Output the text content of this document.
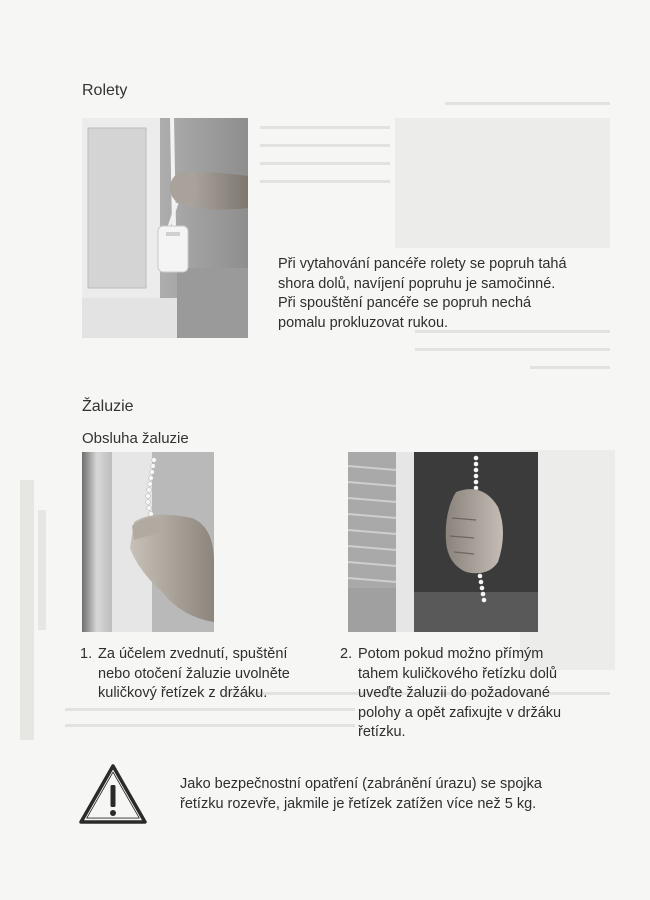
Rolety

Při vytahování pancéře rolety se popruh tahá
shora dolů, navíjení popruhu je samočinné.
Při spouštění pancéře se popruh nechá
pomalu prokluzovat rukou.

Žaluzie
Obsluha žaluzie
1. Za účelem zvednutí, spuštění
nebo otočení žaluzie uvolněte
kuličkový řetízek z držáku.
2. Potom pokud možno přímým
tahem kuličkového řetízku dolů
uveďte žaluzii do požadované
polohy a opět zafixujte v držáku
řetízku.

Jako bezpečnostní opatření (zabránění úrazu) se spojka
řetízku rozevře, jakmile je řetízek zatížen více než 5 kg.
